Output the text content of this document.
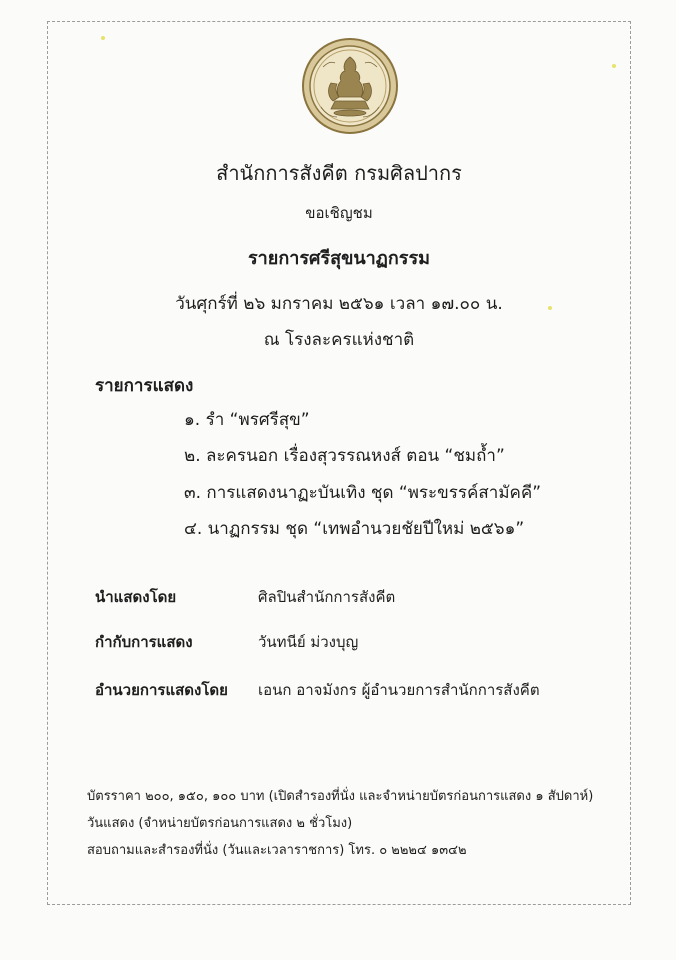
สำนักการสังคีต กรมศิลปากร
ขอเชิญชม
รายการศรีสุขนาฏกรรม
วันศุกร์ที่ ๒๖ มกราคม ๒๕๖๑ เวลา ๑๗.๐๐ น.
ณ โรงละครแห่งชาติ
รายการแสดง
๑. รำ “พรศรีสุข”
๒. ละครนอก เรื่องสุวรรณหงส์ ตอน “ชมถ้ำ”
๓. การแสดงนาฏะบันเทิง ชุด “พระขรรค์สามัคคี”
๔. นาฏกรรม ชุด “เทพอำนวยชัยปีใหม่ ๒๕๖๑”
นำแสดงโดย	ศิลปินสำนักการสังคีต
กำกับการแสดง	วันทนีย์ ม่วงบุญ
อำนวยการแสดงโดย เอนก อาจมังกร ผู้อำนวยการสำนักการสังคีต
บัตรราคา ๒๐๐, ๑๕๐, ๑๐๐ บาท (เปิดสำรองที่นั่ง และจำหน่ายบัตรก่อนการแสดง ๑ สัปดาห์)
วันแสดง (จำหน่ายบัตรก่อนการแสดง ๒ ชั่วโมง)
สอบถามและสำรองที่นั่ง (วันและเวลาราชการ) โทร. ๐ ๒๒๒๔ ๑๓๔๒
